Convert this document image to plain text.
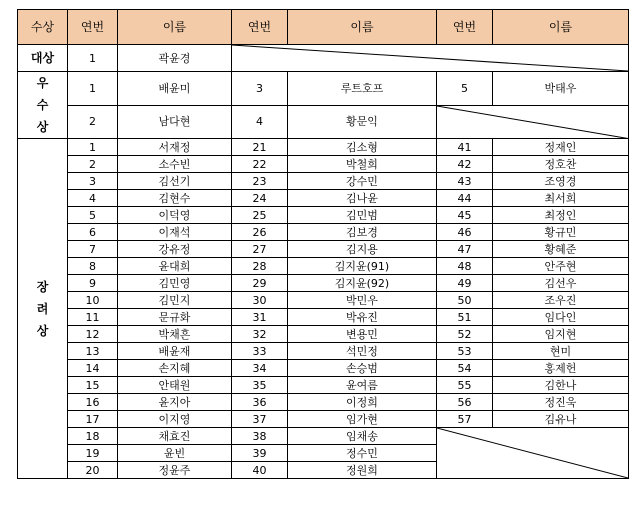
수상	연번	이름	연번	이름	연번	이름
대상	1	곽윤경	

우
수
상	1	배윤미	3	루트호프	5	박태우
	2	남다현	4	황문익	

장
려
상	1	서재정	21	김소형	41	정재인
	2	소수빈	22	박철희	42	정호찬
	3	김선기	23	강수민	43	조영경
	4	김현수	24	김나윤	44	최서희
	5	이덕영	25	김민범	45	최정인
	6	이재석	26	김보경	46	황규민
	7	강유정	27	김지용	47	황혜준
	8	윤대희	28	김지윤(91)	48	안주현
	9	김민영	29	김지윤(92)	49	김선우
	10	김민지	30	박민우	50	조우진
	11	문규화	31	박유진	51	임다인
	12	박채흔	32	변용민	52	임지현
	13	배윤재	33	석민정	53	현미
	14	손지혜	34	손승범	54	홍제헌
	15	안태원	35	윤여름	55	김한나
	16	윤지아	36	이정희	56	정진욱
	17	이지영	37	임가현	57	김유나
	18	채효진	38	임채송	

	19	윤빈	39	정수민		
	20	정윤주	40	정원희		
